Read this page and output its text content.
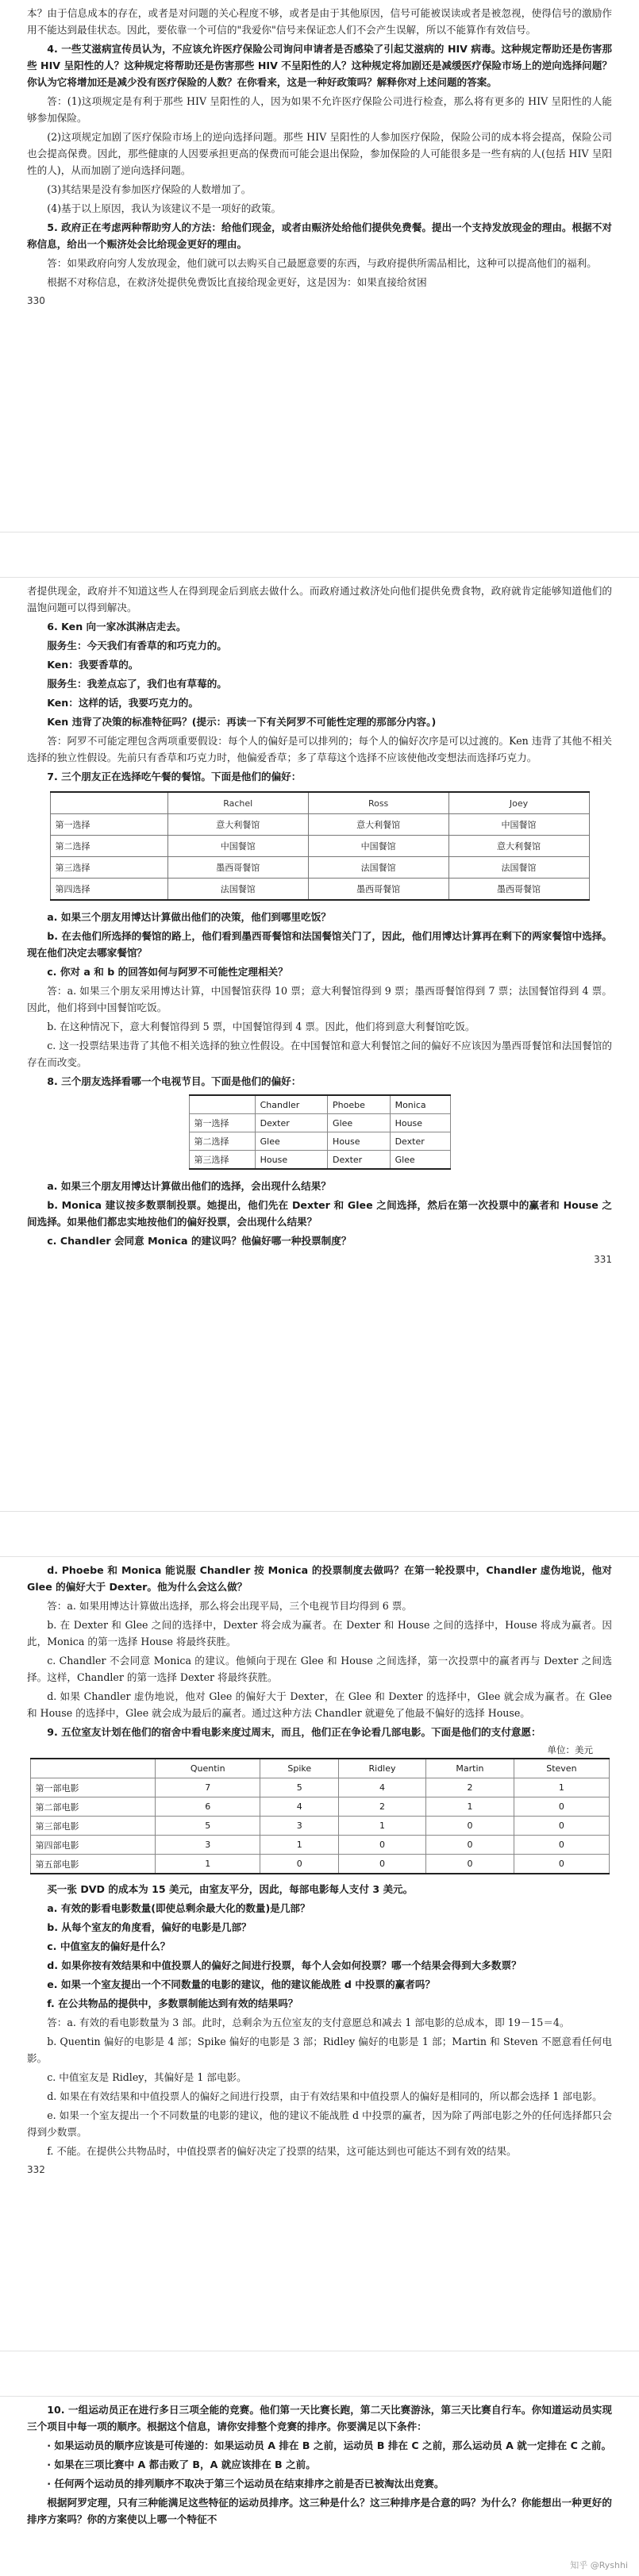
本？由于信息成本的存在，或者是对问题的关心程度不够，或者是由于其他原因，信号可能被误读或者是被忽视，使得信号的激励作用不能达到最佳状态。因此，要依靠一个可信的"我爱你"信号来保证恋人们不会产生误解，所以不能算作有效信号。

4. 一些艾滋病宣传员认为，不应该允许医疗保险公司询问申请者是否感染了引起艾滋病的 HIV 病毒。这种规定帮助还是伤害那些 HIV 呈阳性的人？这种规定将帮助还是伤害那些 HIV 不呈阳性的人？这种规定将加剧还是减缓医疗保险市场上的逆向选择问题？你认为它将增加还是减少没有医疗保险的人数？在你看来，这是一种好政策吗？解释你对上述问题的答案。

答：(1)这项规定是有利于那些 HIV 呈阳性的人，因为如果不允许医疗保险公司进行检查，那么将有更多的 HIV 呈阳性的人能够参加保险。

(2)这项规定加剧了医疗保险市场上的逆向选择问题。那些 HIV 呈阳性的人参加医疗保险，保险公司的成本将会提高，保险公司也会提高保费。因此，那些健康的人因要承担更高的保费而可能会退出保险，参加保险的人可能很多是一些有病的人(包括 HIV 呈阳性的人)，从而加剧了逆向选择问题。

(3)其结果是没有参加医疗保险的人数增加了。

(4)基于以上原因，我认为该建议不是一项好的政策。

5. 政府正在考虑两种帮助穷人的方法：给他们现金，或者由赈济处给他们提供免费餐。提出一个支持发放现金的理由。根据不对称信息，给出一个赈济处会比给现金更好的理由。

答：如果政府向穷人发放现金，他们就可以去购买自己最愿意要的东西，与政府提供所需品相比，这种可以提高他们的福利。

根据不对称信息，在救济处提供免费饭比直接给现金更好，这是因为：如果直接给贫困

330

者提供现金，政府并不知道这些人在得到现金后到底去做什么。而政府通过救济处向他们提供免费食物，政府就肯定能够知道他们的温饱问题可以得到解决。

6. Ken 向一家冰淇淋店走去。

服务生：今天我们有香草的和巧克力的。

Ken：我要香草的。

服务生：我差点忘了，我们也有草莓的。

Ken：这样的话，我要巧克力的。

Ken 违背了决策的标准特征吗？(提示：再读一下有关阿罗不可能性定理的那部分内容。)

答：阿罗不可能定理包含两项重要假设：每个人的偏好是可以排列的；每个人的偏好次序是可以过渡的。Ken 违背了其他不相关选择的独立性假设。先前只有香草和巧克力时，他偏爱香草；多了草莓这个选择不应该使他改变想法而选择巧克力。

7. 三个朋友正在选择吃午餐的餐馆。下面是他们的偏好：

	Rachel	Ross	Joey
第一选择	意大利餐馆	意大利餐馆	中国餐馆
第二选择	中国餐馆	中国餐馆	意大利餐馆
第三选择	墨西哥餐馆	法国餐馆	法国餐馆
第四选择	法国餐馆	墨西哥餐馆	墨西哥餐馆

a. 如果三个朋友用博达计算做出他们的决策，他们到哪里吃饭？

b. 在去他们所选择的餐馆的路上，他们看到墨西哥餐馆和法国餐馆关门了，因此，他们用博达计算再在剩下的两家餐馆中选择。现在他们决定去哪家餐馆？

c. 你对 a 和 b 的回答如何与阿罗不可能性定理相关？

答：a. 如果三个朋友采用博达计算，中国餐馆获得 10 票；意大利餐馆得到 9 票；墨西哥餐馆得到 7 票；法国餐馆得到 4 票。因此，他们将到中国餐馆吃饭。

b. 在这种情况下，意大利餐馆得到 5 票，中国餐馆得到 4 票。因此，他们将到意大利餐馆吃饭。

c. 这一投票结果违背了其他不相关选择的独立性假设。在中国餐馆和意大利餐馆之间的偏好不应该因为墨西哥餐馆和法国餐馆的存在而改变。

8. 三个朋友选择看哪一个电视节目。下面是他们的偏好：

	Chandler	Phoebe	Monica
第一选择	Dexter	Glee	House
第二选择	Glee	House	Dexter
第三选择	House	Dexter	Glee

a. 如果三个朋友用博达计算做出他们的选择，会出现什么结果？

b. Monica 建议按多数票制投票。她提出，他们先在 Dexter 和 Glee 之间选择，然后在第一次投票中的赢者和 House 之间选择。如果他们都忠实地按他们的偏好投票，会出现什么结果？

c. Chandler 会同意 Monica 的建议吗？他偏好哪一种投票制度？

331

d. Phoebe 和 Monica 能说服 Chandler 按 Monica 的投票制度去做吗？在第一轮投票中，Chandler 虚伪地说，他对 Glee 的偏好大于 Dexter。他为什么会这么做？

答：a. 如果用博达计算做出选择，那么将会出现平局，三个电视节目均得到 6 票。

b. 在 Dexter 和 Glee 之间的选择中，Dexter 将会成为赢者。在 Dexter 和 House 之间的选择中，House 将成为赢者。因此，Monica 的第一选择 House 将最终获胜。

c. Chandler 不会同意 Monica 的建议。他倾向于现在 Glee 和 House 之间选择，第一次投票中的赢者再与 Dexter 之间选择。这样，Chandler 的第一选择 Dexter 将最终获胜。

d. 如果 Chandler 虚伪地说，他对 Glee 的偏好大于 Dexter，在 Glee 和 Dexter 的选择中，Glee 就会成为赢者。在 Glee 和 House 的选择中，Glee 就会成为最后的赢者。通过这种方法 Chandler 就避免了他最不偏好的选择 House。

9. 五位室友计划在他们的宿舍中看电影来度过周末，而且，他们正在争论看几部电影。下面是他们的支付意愿：

单位：美元
	Quentin	Spike	Ridley	Martin	Steven
第一部电影	7	5	4	2	1
第二部电影	6	4	2	1	0
第三部电影	5	3	1	0	0
第四部电影	3	1	0	0	0
第五部电影	1	0	0	0	0

买一张 DVD 的成本为 15 美元，由室友平分，因此，每部电影每人支付 3 美元。

a. 有效的影看电影数量(即使总剩余最大化的数量)是几部？

b. 从每个室友的角度看，偏好的电影是几部？

c. 中值室友的偏好是什么？

d. 如果你按有效结果和中值投票人的偏好之间进行投票，每个人会如何投票？哪一个结果会得到大多数票？

e. 如果一个室友提出一个不同数量的电影的建议，他的建议能战胜 d 中投票的赢者吗？

f. 在公共物品的提供中，多数票制能达到有效的结果吗？

答：a. 有效的看电影数量为 3 部。此时，总剩余为五位室友的支付意愿总和减去 1 部电影的总成本，即 19－15＝4。

b. Quentin 偏好的电影是 4 部；Spike 偏好的电影是 3 部；Ridley 偏好的电影是 1 部；Martin 和 Steven 不愿意看任何电影。

c. 中值室友是 Ridley，其偏好是 1 部电影。

d. 如果在有效结果和中值投票人的偏好之间进行投票，由于有效结果和中值投票人的偏好是相同的，所以都会选择 1 部电影。

e. 如果一个室友提出一个不同数量的电影的建议，他的建议不能战胜 d 中投票的赢者，因为除了两部电影之外的任何选择都只会得到少数票。

f. 不能。在提供公共物品时，中值投票者的偏好决定了投票的结果，这可能达到也可能达不到有效的结果。

332

10. 一组运动员正在进行多日三项全能的竞赛。他们第一天比赛长跑，第二天比赛游泳，第三天比赛自行车。你知道运动员实现三个项目中每一项的顺序。根据这个信息，请你安排整个竞赛的排序。你要满足以下条件：

· 如果运动员的顺序应该是可传递的：如果运动员 A 排在 B 之前，运动员 B 排在 C 之前，那么运动员 A 就一定排在 C 之前。

· 如果在三项比赛中 A 都击败了 B，A 就应该排在 B 之前。

· 任何两个运动员的排列顺序不取决于第三个运动员在结束排序之前是否已被淘汰出竞赛。

根据阿罗定理，只有三种能满足这些特征的运动员排序。这三种是什么？这三种排序是合意的吗？为什么？你能想出一种更好的排序方案吗？你的方案使以上哪一个特征不

知乎 @Ryshhi
